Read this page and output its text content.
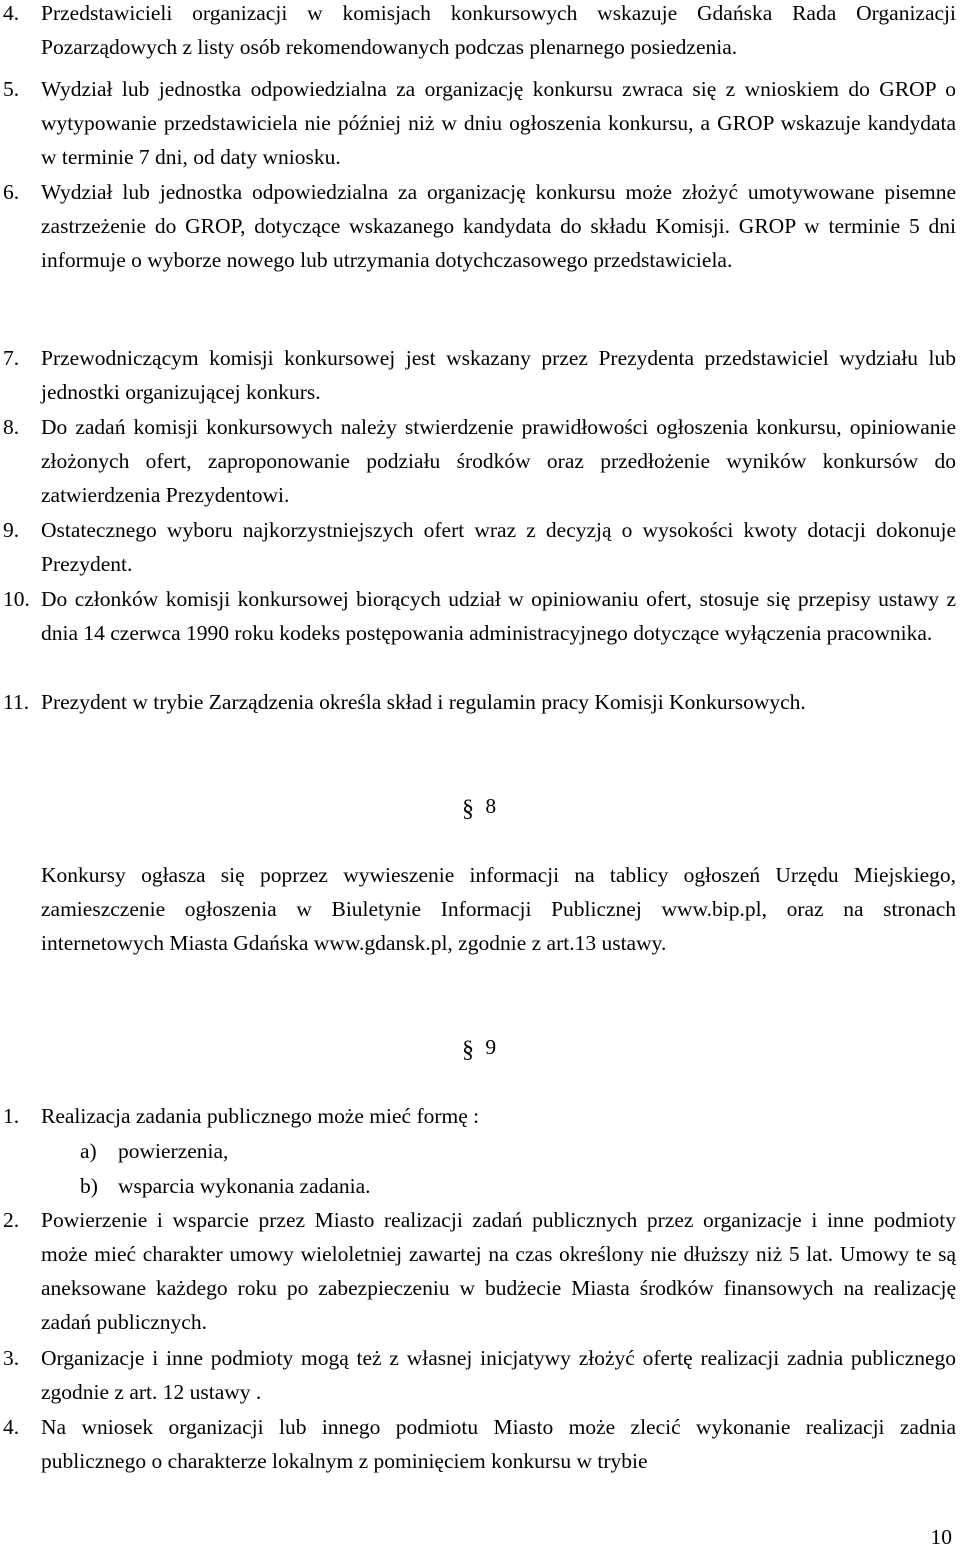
4. Przedstawicieli organizacji w komisjach konkursowych wskazuje Gdańska Rada Organizacji Pozarządowych z listy osób rekomendowanych podczas plenarnego posiedzenia.
5. Wydział lub jednostka odpowiedzialna za organizację konkursu zwraca się z wnioskiem do GROP o wytypowanie przedstawiciela nie później niż w dniu ogłoszenia konkursu, a GROP wskazuje kandydata w terminie 7 dni, od daty wniosku.
6. Wydział lub jednostka odpowiedzialna za organizację konkursu może złożyć umotywowane pisemne zastrzeżenie do GROP, dotyczące wskazanego kandydata do składu Komisji. GROP w terminie 5 dni informuje o wyborze nowego lub utrzymania dotychczasowego przedstawiciela.
7. Przewodniczącym komisji konkursowej jest wskazany przez Prezydenta przedstawiciel wydziału lub jednostki organizującej konkurs.
8. Do zadań komisji konkursowych należy stwierdzenie prawidłowości ogłoszenia konkursu, opiniowanie złożonych ofert, zaproponowanie podziału środków oraz przedłożenie wyników konkursów do zatwierdzenia Prezydentowi.
9. Ostatecznego wyboru najkorzystniejszych ofert wraz z decyzją o wysokości kwoty dotacji dokonuje Prezydent.
10. Do członków komisji konkursowej biorących udział w opiniowaniu ofert, stosuje się przepisy ustawy z dnia 14 czerwca 1990 roku kodeks postępowania administracyjnego dotyczące wyłączenia pracownika.
11. Prezydent w trybie Zarządzenia określa skład i regulamin pracy Komisji Konkursowych.
§ 8

Konkursy ogłasza się poprzez wywieszenie informacji na tablicy ogłoszeń Urzędu Miejskiego, zamieszczenie ogłoszenia w Biuletynie Informacji Publicznej www.bip.pl, oraz na stronach internetowych Miasta Gdańska www.gdansk.pl, zgodnie z art.13 ustawy.

§ 9
1. Realizacja zadania publicznego może mieć formę :
a) powierzenia,
b) wsparcia wykonania zadania.
2. Powierzenie i wsparcie przez Miasto realizacji zadań publicznych przez organizacje i inne podmioty może mieć charakter umowy wieloletniej zawartej na czas określony nie dłuższy niż 5 lat. Umowy te są aneksowane każdego roku po zabezpieczeniu w budżecie Miasta środków finansowych na realizację zadań publicznych.
3. Organizacje i inne podmioty mogą też z własnej inicjatywy złożyć ofertę realizacji zadnia publicznego zgodnie z art. 12 ustawy .
4. Na wniosek organizacji lub innego podmiotu Miasto może zlecić wykonanie realizacji zadnia publicznego o charakterze lokalnym z pominięciem konkursu w trybie
10
